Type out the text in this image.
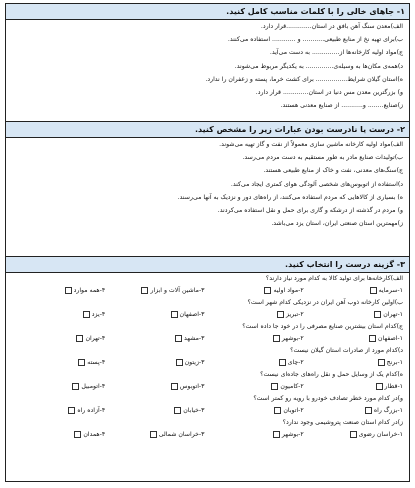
۱- جاهای خالی را با کلمات مناسب کامل کنید.
الف)معدن سنگ آهن بافق در استان.............قرار دارد.
ب)برای تهیه نخ از منابع طبیعی........... و ............ استفاده می‌کنند.
ج)مواد اولیه کارخانه‌ها از.............. به دست می‌آید.
د)همه‌ی مکان‌ها به وسیله‌ی.............. به یکدیگر مربوط می‌شوند.
ه)استان گیلان شرایط................ برای کشت خرما، پسته و زعفران را ندارد.
و) بزرگترین معدن مس دنیا در استان............. قرار دارد.
ز)صنایع........ و........... از صنایع معدنی هستند.
۲- درست یا نادرست بودن عبارات زیر را مشخص کنید.
الف)مواد اولیه کارخانه ماشین سازی معمولاً از نفت و گاز تهیه می‌شوند.
ب)تولیدات صنایع مادر به طور مستقیم به دست مردم می‌رسد.
ج)سنگ‌های معدنی، نفت و خاک از منابع طبیعی هستند.
د)استفاده از اتوبوس‌های شخصی آلودگی هوای کمتری ایجاد می‌کند.
ه) بسیاری از کالاهایی که مردم استفاده می‌کنند، از راه‌های دور و نزدیک به آنها می‌رسند.
و) مردم در گذشته از درشکه و گاری برای حمل و نقل استفاده می‌کردند.
ز)مهمترین استان صنعتی ایران، استان یزد می‌باشد.
۳- گزینه درست را انتخاب کنید.
الف)کارخانه‌ها برای تولید کالا به کدام مورد نیاز دارند؟
۱-سرمایه
۲-مواد اولیه
۳-ماشین آلات و ابزار
۴-همه موارد
ب)اولین کارخانه ذوب آهن ایران در نزدیکی کدام شهر است؟
۱-تهران
۲-تبریز
۳-اصفهان
۴-یزد
ج)کدام استان بیشترین صنایع مصرفی را در خود جا داده است؟
۱-اصفهان
۲-بوشهر
۳-مشهد
۴-تهران
د)کدام مورد از صادرات استان گیلان نیست؟
۱-برنج
۲-چای
۳-زیتون
۴-پسته
ه)کدام یک از وسایل حمل و نقل راه‌های جاده‌ای نیست؟
۱-قطار
۲-کامیون
۳-اتوبوس
۴-اتومبیل
و)در کدام مورد خطر تصادف خودرو با رویه رو کمتر است؟
۱-بزرگ راه
۲-اتوبان
۳-خیابان
۴-آزاده راه
ز)در کدام استان صنعت پتروشیمی وجود ندارد؟
۱-خراسان رضوی
۲-بوشهر
۳-خراسان شمالی
۴-همدان
